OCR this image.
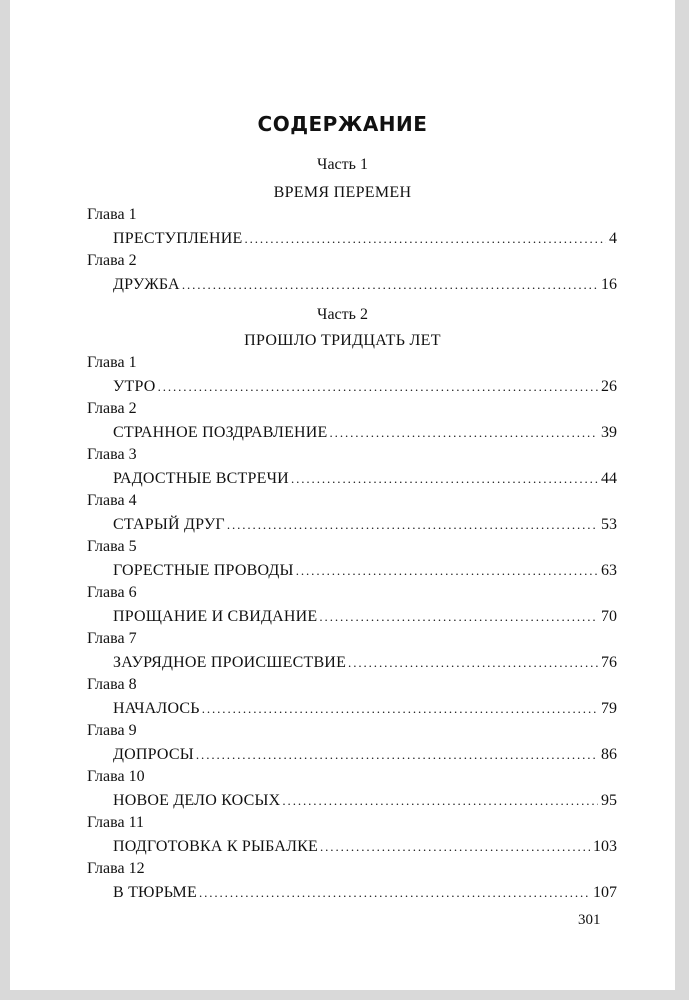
СОДЕРЖАНИЕ
Часть 1
ВРЕМЯ ПЕРЕМЕН
Глава 1
ПРЕСТУПЛЕНИЕ .....	4
Глава 2
ДРУЖБА .....	16
Часть 2
ПРОШЛО ТРИДЦАТЬ ЛЕТ
Глава 1
УТРО .....	26
Глава 2
СТРАННОЕ ПОЗДРАВЛЕНИЕ .....	39
Глава 3
РАДОСТНЫЕ ВСТРЕЧИ .....	44
Глава 4
СТАРЫЙ ДРУГ .....	53
Глава 5
ГОРЕСТНЫЕ ПРОВОДЫ .....	63
Глава 6
ПРОЩАНИЕ И СВИДАНИЕ .....	70
Глава 7
ЗАУРЯДНОЕ ПРОИСШЕСТВИЕ .....	76
Глава 8
НАЧАЛОСЬ .....	79
Глава 9
ДОПРОСЫ .....	86
Глава 10
НОВОЕ ДЕЛО КОСЫХ .....	95
Глава 11
ПОДГОТОВКА К РЫБАЛКЕ .....	103
Глава 12
В ТЮРЬМЕ .....	107
301
